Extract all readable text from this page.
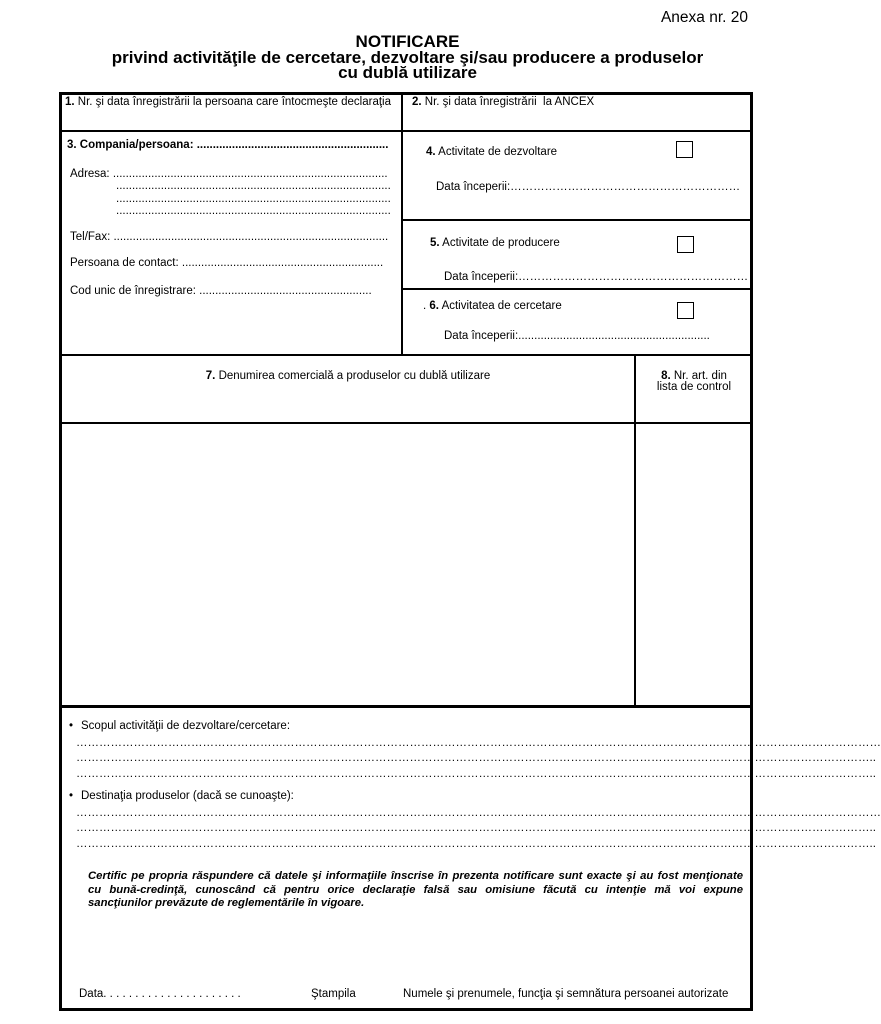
Anexa nr. 20
NOTIFICARE
privind activităţile de cercetare, dezvoltare şi/sau producere a produselor
cu dublă utilizare
1. Nr. şi data înregistrării la persoana care întocmeşte declaraţia 2. Nr. şi data înregistrării  la ANCEX
3. Compania/persoana: ............................................................
Adresa: ......................................................................................
......................................................................................
......................................................................................
......................................................................................
Tel/Fax: ......................................................................................
Persoana de contact: ...............................................................
Cod unic de înregistrare: ......................................................
4. Activitate de dezvoltare
Data începerii:……………………………………………………
5. Activitate de producere
Data începerii:……………………………………………………
. 6. Activitatea de cercetare
Data începerii:............................................................
7. Denumirea comercială a produselor cu dublă utilizare	8. Nr. art. din
lista de control
• Scopul activităţii de dezvoltare/cercetare:
…………………………………………………………………………………………………………………………………………………………………………………………
………………………………………………………………………………………………………………………………………………………………………………………..
………………………………………………………………………………………………………………………………………………………………………………………..
• Destinaţia produselor (dacă se cunoaşte):
…………………………………………………………………………………………………………………………………………………………………………………………
………………………………………………………………………………………………………………………………………………………………………………………..
………………………………………………………………………………………………………………………………………………………………………………………..
Certific pe propria răspundere că datele şi informaţiile înscrise în prezenta notificare sunt exacte şi au fost menţionate
cu bună-credinţă, cunoscând că pentru orice declaraţie falsă sau omisiune făcută cu intenţie mă voi expune
sancţiunilor prevăzute de reglementările în vigoare.
Data. . . . . . . . . . . . . . . . . . . . . .	Ştampila	Numele şi prenumele, funcţia şi semnătura persoanei autorizate
